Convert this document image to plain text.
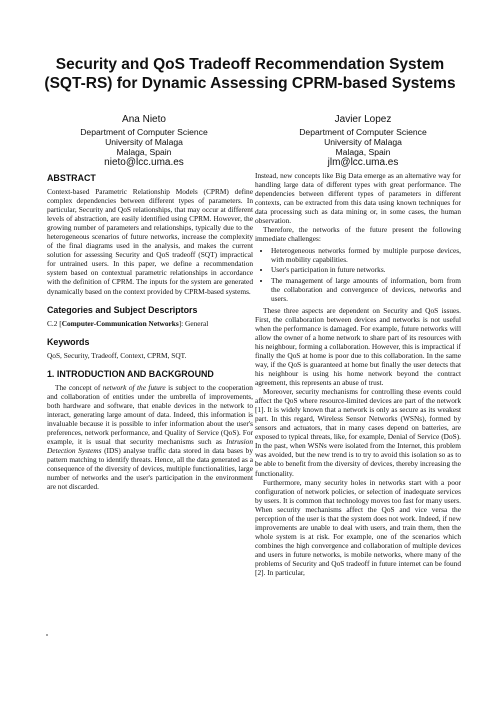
Security and QoS Tradeoff Recommendation System (SQT-RS) for Dynamic Assessing CPRM-based Systems
Ana Nieto
Department of Computer Science
University of Malaga
Malaga, Spain
nieto@lcc.uma.es
Javier Lopez
Department of Computer Science
University of Malaga
Malaga, Spain
jlm@lcc.uma.es
ABSTRACT

Context-based Parametric Relationship Models (CPRM) define complex dependencies between different types of parameters. In particular, Security and QoS relationships, that may occur at different levels of abstraction, are easily identified using CPRM. However, the growing number of parameters and relationships, typically due to the heterogeneous scenarios of future networks, increase the complexity of the final diagrams used in the analysis, and makes the current solution for assessing Security and QoS tradeoff (SQT) impractical for untrained users. In this paper, we define a recommendation system based on contextual parametric relationships in accordance with the definition of CPRM. The inputs for the system are generated dynamically based on the context provided by CPRM-based systems.

Categories and Subject Descriptors

C.2 [Computer-Communication Networks]: General

Keywords

QoS, Security, Tradeoff, Context, CPRM, SQT.

1. INTRODUCTION AND BACKGROUND

The concept of network of the future is subject to the cooperation and collaboration of entities under the umbrella of improvements, both hardware and software, that enable devices in the network to interact, generating large amount of data. Indeed, this information is invaluable because it is possible to infer information about the user's preferences, network performance, and Quality of Service (QoS). For example, it is usual that security mechanisms such as Intrusion Detection Systems (IDS) analyse traffic data stored in data bases by pattern matching to identify threats. Hence, all the data generated as a consequence of the diversity of devices, multiple functionalities, large number of networks and the user's participation in the environment are not discarded.

Instead, new concepts like Big Data emerge as an alternative way for handling large data of different types with great performance. The dependencies between different types of parameters in different contexts, can be extracted from this data using known techniques for data processing such as data mining or, in some cases, the human observation.

Therefore, the networks of the future present the following immediate challenges:

• Heterogeneous networks formed by multiple purpose devices, with mobility capabilities.
• User's participation in future networks.
• The management of large amounts of information, born from the collaboration and convergence of devices, networks and users.

These three aspects are dependent on Security and QoS issues. First, the collaboration between devices and networks is not useful when the performance is damaged. For example, future networks will allow the owner of a home network to share part of its resources with his neighbour, forming a collaboration. However, this is impractical if finally the QoS at home is poor due to this collaboration. In the same way, if the QoS is guaranteed at home but finally the user detects that his neighbour is using his home network beyond the contract agreement, this represents an abuse of trust.

Moreover, security mechanisms for controlling these events could affect the QoS where resource-limited devices are part of the network [1]. It is widely known that a network is only as secure as its weakest part. In this regard, Wireless Sensor Networks (WSNs), formed by sensors and actuators, that in many cases depend on batteries, are exposed to typical threats, like, for example, Denial of Service (DoS). In the past, when WSNs were isolated from the Internet, this problem was avoided, but the new trend is to try to avoid this isolation so as to be able to benefit from the diversity of devices, thereby increasing the functionality.

Furthermore, many security holes in networks start with a poor configuration of network policies, or selection of inadequate services by users. It is common that technology moves too fast for many users. When security mechanisms affect the QoS and vice versa the perception of the user is that the system does not work. Indeed, if new improvements are unable to deal with users, and train them, then the whole system is at risk. For example, one of the scenarios which combines the high convergence and collaboration of multiple devices and users in future networks, is mobile networks, where many of the problems of Security and QoS tradeoff in future internet can be found [2]. In particular,
